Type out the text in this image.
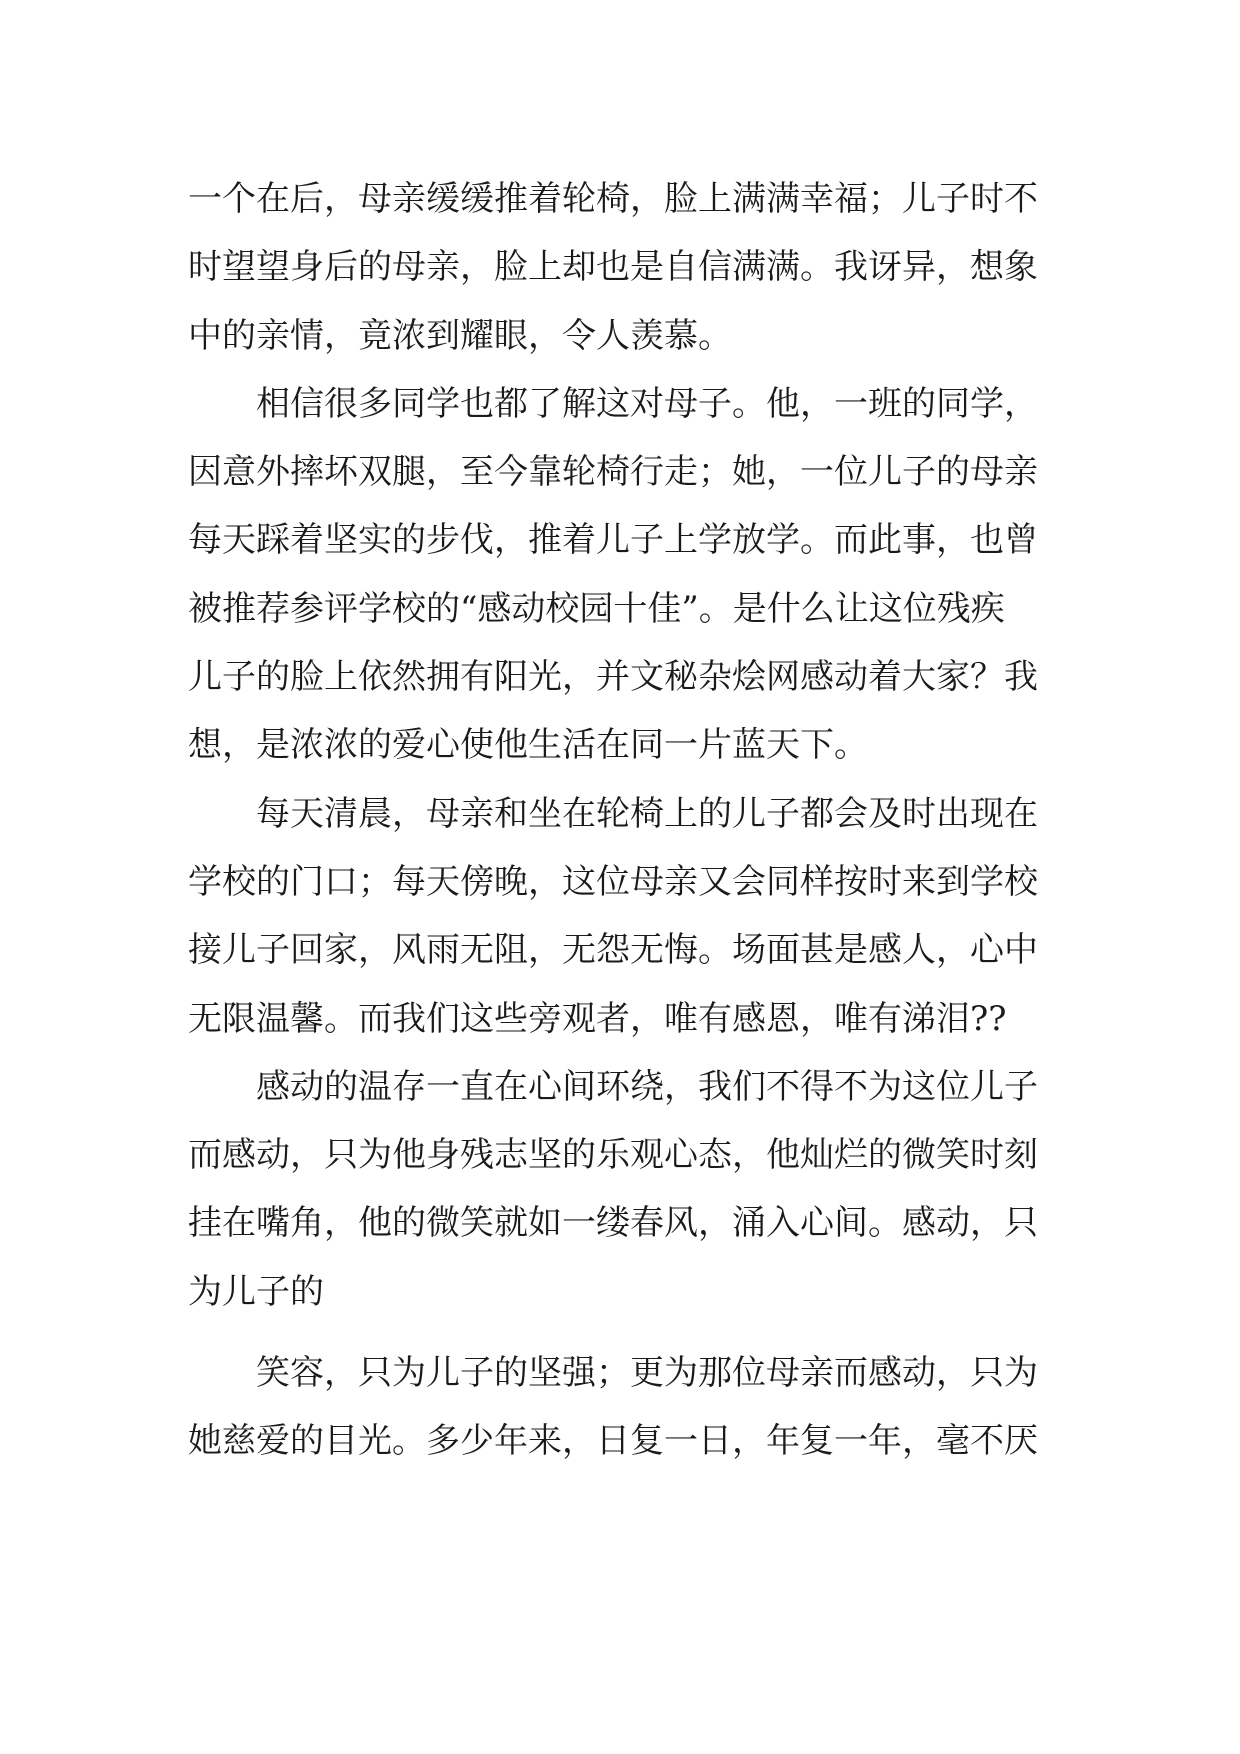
一个在后，母亲缓缓推着轮椅，脸上满满幸福；儿子时不
时望望身后的母亲，脸上却也是自信满满。我讶异，想象
中的亲情，竟浓到耀眼，令人羡慕。
相信很多同学也都了解这对母子。他，一班的同学，
因意外摔坏双腿，至今靠轮椅行走；她，一位儿子的母亲
每天踩着坚实的步伐，推着儿子上学放学。而此事，也曾
被推荐参评学校的“感动校园十佳”。是什么让这位残疾
儿子的脸上依然拥有阳光，并文秘杂烩网感动着大家？我
想，是浓浓的爱心使他生活在同一片蓝天下。
每天清晨，母亲和坐在轮椅上的儿子都会及时出现在
学校的门口；每天傍晚，这位母亲又会同样按时来到学校
接儿子回家，风雨无阻，无怨无悔。场面甚是感人，心中
无限温馨。而我们这些旁观者，唯有感恩，唯有涕泪??
感动的温存一直在心间环绕，我们不得不为这位儿子
而感动，只为他身残志坚的乐观心态，他灿烂的微笑时刻
挂在嘴角，他的微笑就如一缕春风，涌入心间。感动，只
为儿子的
笑容，只为儿子的坚强；更为那位母亲而感动，只为
她慈爱的目光。多少年来，日复一日，年复一年，毫不厌
